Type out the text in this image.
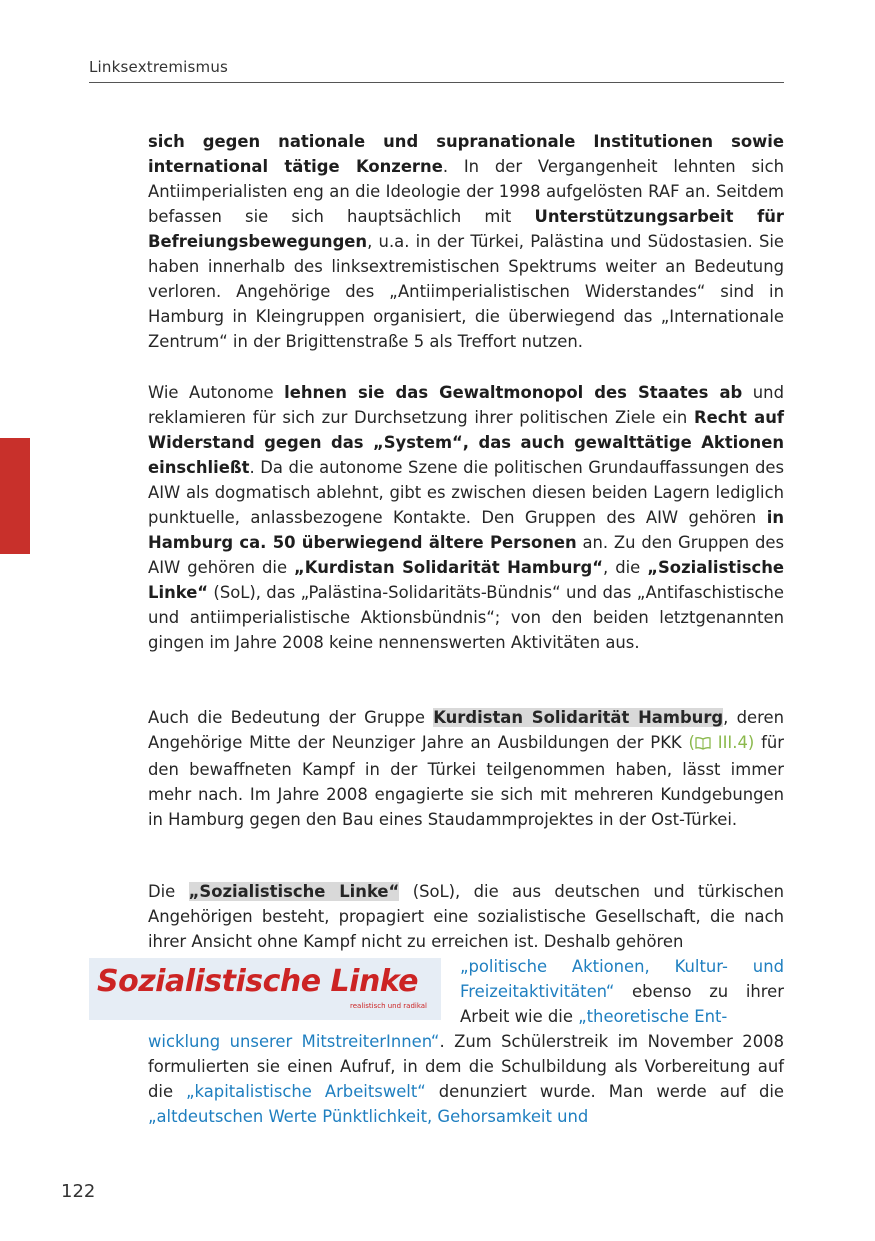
Linksextremismus
sich gegen nationale und supranationale Institutionen sowie international tätige Konzerne. In der Vergangenheit lehnten sich Antiimperialisten eng an die Ideologie der 1998 aufgelösten RAF an. Seitdem befassen sie sich hauptsächlich mit Unterstützungsarbeit für Befreiungsbewegungen, u.a. in der Türkei, Palästina und Südostasien. Sie haben innerhalb des linksextremistischen Spektrums weiter an Bedeutung verloren. Angehörige des „Antiimperialistischen Widerstandes“ sind in Hamburg in Kleingruppen organisiert, die überwiegend das „Internationale Zentrum“ in der Brigittenstraße 5 als Treffort nutzen.
Wie Autonome lehnen sie das Gewaltmonopol des Staates ab und reklamieren für sich zur Durchsetzung ihrer politischen Ziele ein Recht auf Widerstand gegen das „System“, das auch gewalttätige Aktionen einschließt. Da die autonome Szene die politischen Grundauffassungen des AIW als dogmatisch ablehnt, gibt es zwischen diesen beiden Lagern lediglich punktuelle, anlassbezogene Kontakte. Den Gruppen des AIW gehören in Hamburg ca. 50 überwiegend ältere Personen an. Zu den Gruppen des AIW gehören die „Kurdistan Solidarität Hamburg“, die „Sozialistische Linke“ (SoL), das „Palästina-Solidaritäts-Bündnis“ und das „Antifaschistische und antiimperialistische Aktionsbündnis“; von den beiden letztgenannten gingen im Jahre 2008 keine nennenswerten Aktivitäten aus.
Auch die Bedeutung der Gruppe Kurdistan Solidarität Hamburg, deren Angehörige Mitte der Neunziger Jahre an Ausbildungen der PKK ( III.4) für den bewaffneten Kampf in der Türkei teilgenommen haben, lässt immer mehr nach. Im Jahre 2008 engagierte sie sich mit mehreren Kundgebungen in Hamburg gegen den Bau eines Staudammprojektes in der Ost-Türkei.
Die „Sozialistische Linke“ (SoL), die aus deutschen und türkischen Angehörigen besteht, propagiert eine sozialistische Gesellschaft, die nach ihrer Ansicht ohne Kampf nicht zu erreichen ist. Deshalb gehören
Sozialistische Linke
realistisch und radikal
„politische Aktionen, Kultur- und Freizeitaktivitäten“ ebenso zu ihrer Arbeit wie die „theoretische Ent-
wicklung unserer MitstreiterInnen“. Zum Schülerstreik im November 2008 formulierten sie einen Aufruf, in dem die Schulbildung als Vorbereitung auf die „kapitalistische Arbeitswelt“ denunziert wurde. Man werde auf die „altdeutschen Werte Pünktlichkeit, Gehorsamkeit und
122
